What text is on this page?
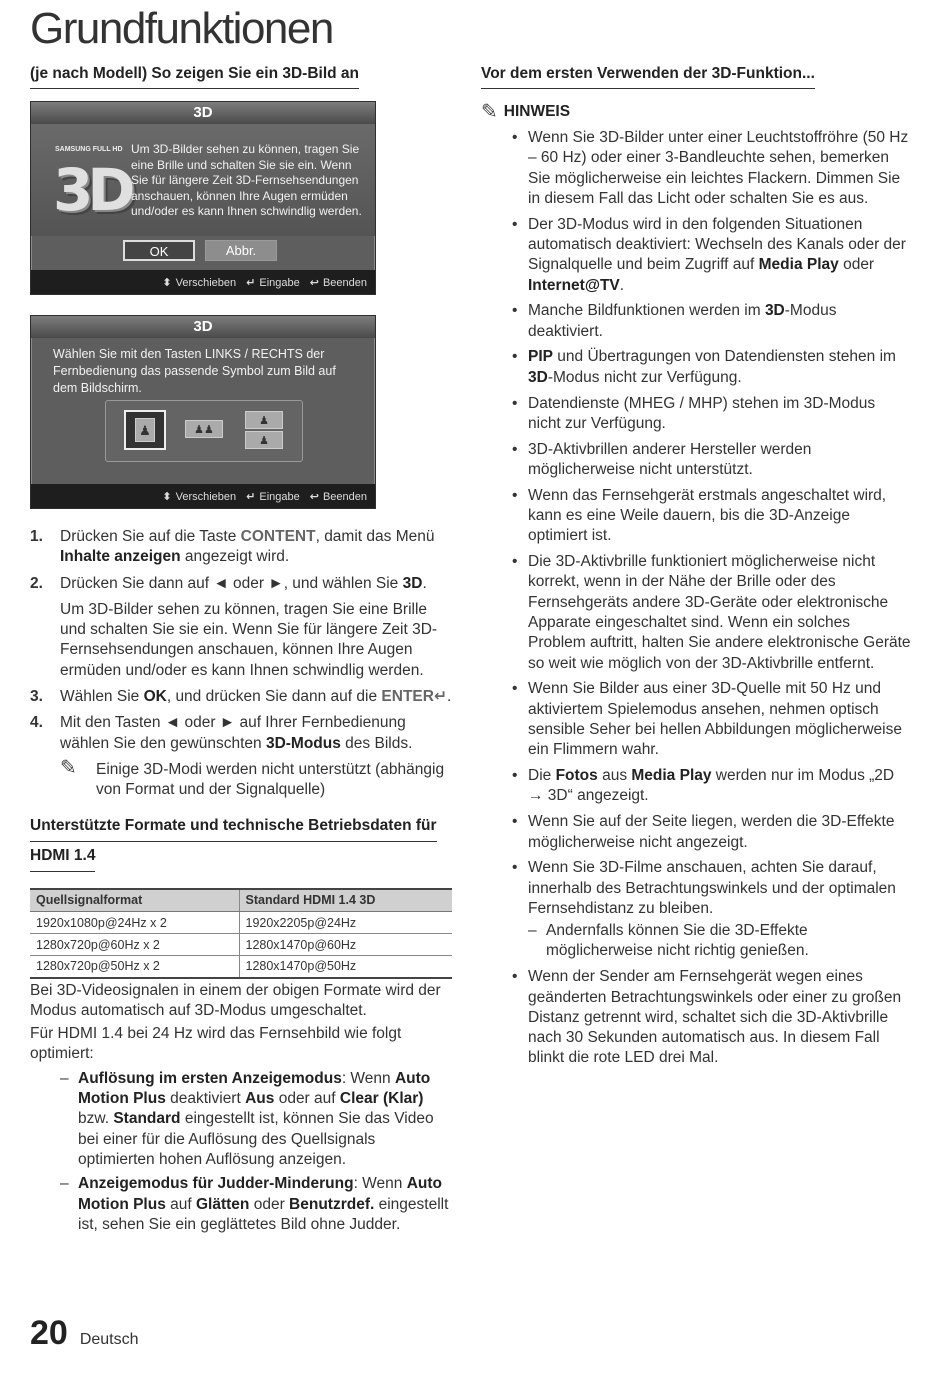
Grundfunktionen
(je nach Modell) So zeigen Sie ein 3D-Bild an
3D
SAMSUNG FULL HD
3D
Um 3D-Bilder sehen zu können, tragen Sie eine Brille und schalten Sie sie ein. Wenn Sie für längere Zeit 3D-Fernsehsendungen anschauen, können Ihre Augen ermüden und/oder es kann Ihnen schwindlig werden.
OK	Abbr.
⬍ Verschieben ↵ Eingabe ↩ Beenden
3D
Wählen Sie mit den Tasten LINKS / RECHTS der Fernbedienung das passende Symbol zum Bild auf dem Bildschirm.
♟	♟♟
♟
♟
⬍ Verschieben ↵ Eingabe ↩ Beenden
1. Drücken Sie auf die Taste CONTENT, damit das Menü Inhalte anzeigen angezeigt wird.
2. Drücken Sie dann auf ◄ oder ►, und wählen Sie 3D.
Um 3D-Bilder sehen zu können, tragen Sie eine Brille und schalten Sie sie ein. Wenn Sie für längere Zeit 3D-Fernsehsendungen anschauen, können Ihre Augen ermüden und/oder es kann Ihnen schwindlig werden.
3. Wählen Sie OK, und drücken Sie dann auf die ENTER↵.
4. Mit den Tasten ◄ oder ► auf Ihrer Fernbedienung wählen Sie den gewünschten 3D-Modus des Bilds.
✎ Einige 3D-Modi werden nicht unterstützt (abhängig von Format und der Signalquelle)
Unterstützte Formate und technische Betriebsdaten für
HDMI 1.4
Quellsignalformat	Standard HDMI 1.4 3D
1920x1080p@24Hz x 2	1920x2205p@24Hz
1280x720p@60Hz x 2	1280x1470p@60Hz
1280x720p@50Hz x 2	1280x1470p@50Hz
Bei 3D-Videosignalen in einem der obigen Formate wird der Modus automatisch auf 3D-Modus umgeschaltet.
Für HDMI 1.4 bei 24 Hz wird das Fernsehbild wie folgt optimiert:
– Auflösung im ersten Anzeigemodus: Wenn Auto Motion Plus deaktiviert Aus oder auf Clear (Klar) bzw. Standard eingestellt ist, können Sie das Video bei einer für die Auflösung des Quellsignals optimierten hohen Auflösung anzeigen.
– Anzeigemodus für Judder-Minderung: Wenn Auto Motion Plus auf Glätten oder Benutzrdef. eingestellt ist, sehen Sie ein geglättetes Bild ohne Judder.
Vor dem ersten Verwenden der 3D-Funktion...
✎ HINWEIS
• Wenn Sie 3D-Bilder unter einer Leuchtstoffröhre (50 Hz – 60 Hz) oder einer 3-Bandleuchte sehen, bemerken Sie möglicherweise ein leichtes Flackern. Dimmen Sie in diesem Fall das Licht oder schalten Sie es aus.
• Der 3D-Modus wird in den folgenden Situationen automatisch deaktiviert: Wechseln des Kanals oder der Signalquelle und beim Zugriff auf Media Play oder Internet@TV.
• Manche Bildfunktionen werden im 3D-Modus deaktiviert.
• PIP und Übertragungen von Datendiensten stehen im 3D-Modus nicht zur Verfügung.
• Datendienste (MHEG / MHP) stehen im 3D-Modus nicht zur Verfügung.
• 3D-Aktivbrillen anderer Hersteller werden möglicherweise nicht unterstützt.
• Wenn das Fernsehgerät erstmals angeschaltet wird, kann es eine Weile dauern, bis die 3D-Anzeige optimiert ist.
• Die 3D-Aktivbrille funktioniert möglicherweise nicht korrekt, wenn in der Nähe der Brille oder des Fernsehgeräts andere 3D-Geräte oder elektronische Apparate eingeschaltet sind. Wenn ein solches Problem auftritt, halten Sie andere elektronische Geräte so weit wie möglich von der 3D-Aktivbrille entfernt.
• Wenn Sie Bilder aus einer 3D-Quelle mit 50 Hz und aktiviertem Spielemodus ansehen, nehmen optisch sensible Seher bei hellen Abbildungen möglicherweise ein Flimmern wahr.
• Die Fotos aus Media Play werden nur im Modus „2D → 3D“ angezeigt.
• Wenn Sie auf der Seite liegen, werden die 3D-Effekte möglicherweise nicht angezeigt.
• Wenn Sie 3D-Filme anschauen, achten Sie darauf, innerhalb des Betrachtungswinkels und der optimalen Fernsehdistanz zu bleiben.
– Andernfalls können Sie die 3D-Effekte möglicherweise nicht richtig genießen.
• Wenn der Sender am Fernsehgerät wegen eines geänderten Betrachtungswinkels oder einer zu großen Distanz getrennt wird, schaltet sich die 3D-Aktivbrille nach 30 Sekunden automatisch aus. In diesem Fall blinkt die rote LED drei Mal.
20 Deutsch
